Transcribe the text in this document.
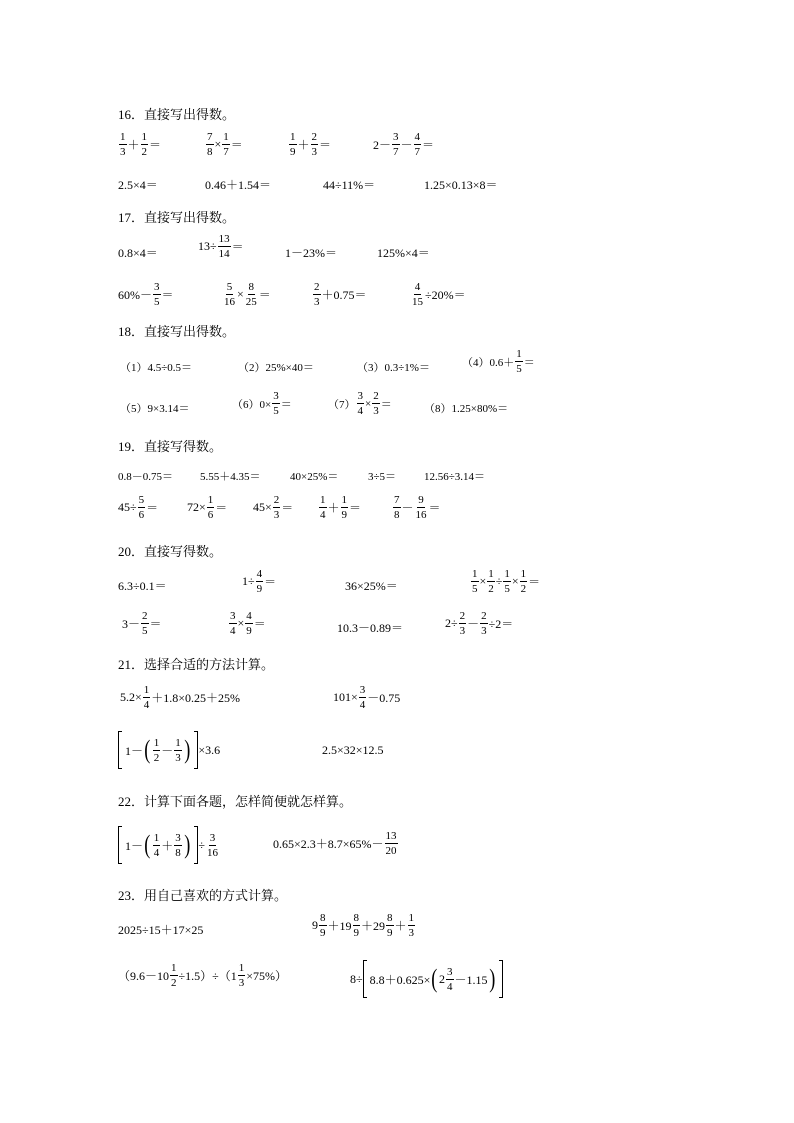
16．直接写出得数。
$\frac{1}{3} + \frac{1}{2}$ ＝	$\frac{7}{8} \times \frac{1}{7}$ ＝	$\frac{1}{9} + \frac{2}{3}$ ＝	$2- \frac{3}{7} - \frac{4}{7}$ ＝
2.5×4＝	0.46＋1.54＝	44÷11%＝	1.25×0.13×8＝
17．直接写出得数。
0.8×4＝	$13\div \frac{13}{14}$ ＝	1－23%＝	125%×4＝
$60\%- \frac{3}{5}$ ＝	$\frac{5}{16} \times \frac{8}{25}$ ＝	$\frac{2}{3} +0.75=$	$\frac{4}{15} \div 20\%=$
18．直接写出得数。
（1）4.5÷0.5＝	（2）25%×40＝	（3）0.3÷1%＝	$(4)0.6+ \frac{1}{5}$ ＝
（5）9×3.14＝	$(6)0\times \frac{3}{5}$ ＝	$(7) \frac{3}{4} \times \frac{2}{3}$ ＝	（8）1.25×80%＝
19．直接写得数。
0.8－0.75＝ 5.55＋4.35＝	40×25%＝	3÷5＝	12.56÷3.14＝
$45\div \frac{5}{6} = 72\times \frac{1}{6} = 45\times \frac{2}{3} = \frac{1}{4} + \frac{1}{9}$ ＝	$\frac{7}{8} - \frac{9}{16}$ ＝
20．直接写得数。
6.3÷0.1＝	$1\div \frac{4}{9}$ ＝	36×25%＝	$\frac{1}{5} \times \frac{1}{2} \div \frac{1}{5} \times \frac{1}{2}$ ＝
$3- \frac{2}{5}$ ＝	$\frac{3}{4} \times \frac{4}{9}$ ＝	10.3－0.89＝	$2\div \frac{2}{3} - \frac{2}{3} \div 2=$
21．选择合适的方法计算。
$5.2\times \frac{1}{4} +1.8\times 0.25+25\%$	$101\times \frac{3}{4} -0.75$
1－ ( $\frac{1}{2} - \frac{1}{3}$ ) ×3.6	2.5×32×12.5
22．计算下面各题，怎样简便就怎样算。
1－ ( $\frac{1}{4} + \frac{3}{8}$ ) ÷ $\frac{3}{16}$	$0.65\times 2.3+8.7\times 65\%- \frac{13}{20}$
23．用自己喜欢的方式计算。
2025÷15＋17×25	$9 \frac{8}{9} +19 \frac{8}{9} +29 \frac{8}{9} + \frac{1}{3}$
$(9.6-10 \frac{1}{2} \div 1.5)\div(1 \frac{1}{3} \times 75\%)$	8÷ 8.8＋0.625× ( $2 \frac{3}{4} -1.15$ )
